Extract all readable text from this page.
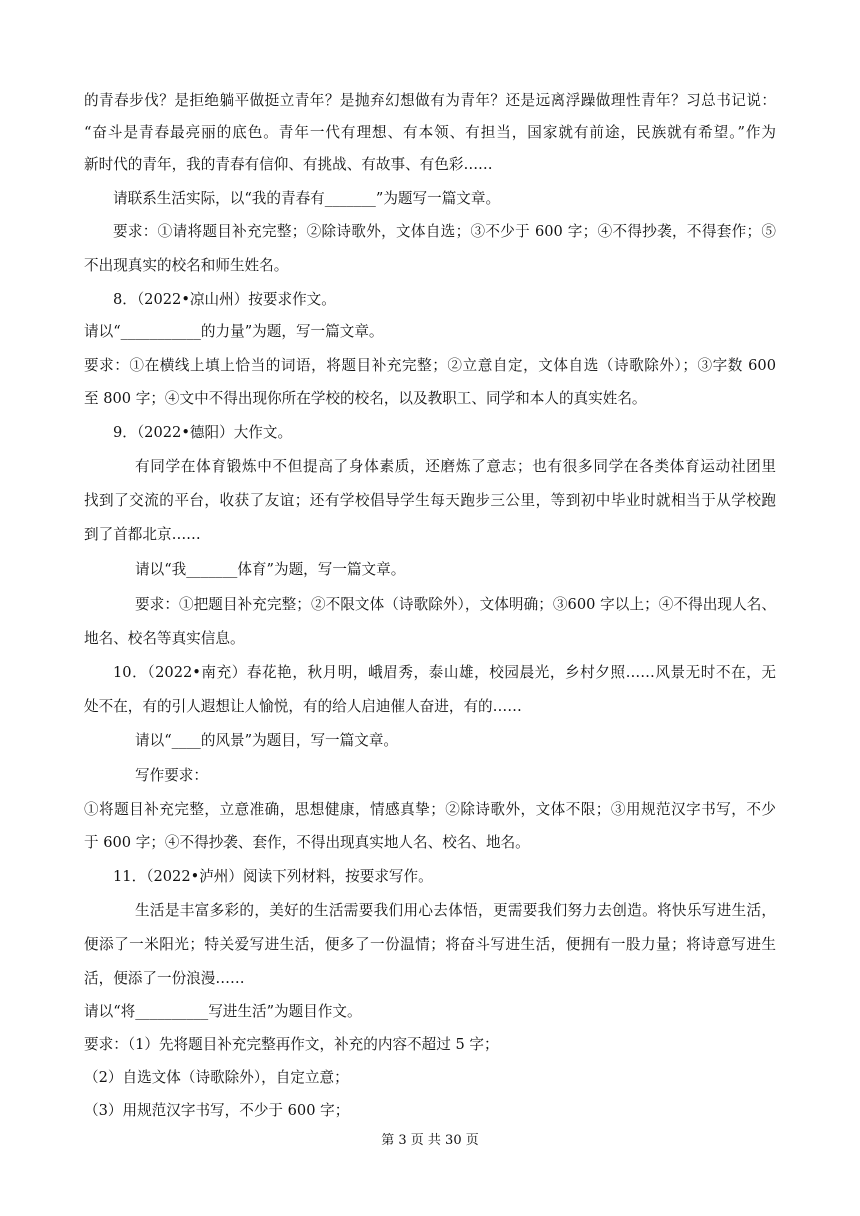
的青春步伐？是拒绝躺平做挺立青年？是抛弃幻想做有为青年？还是远离浮躁做理性青年？习总书记说：
“奋斗是青春最亮丽的底色。青年一代有理想、有本领、有担当，国家就有前途，民族就有希望。”作为
新时代的青年，我的青春有信仰、有挑战、有故事、有色彩……
请联系生活实际，以“我的青春有_______”为题写一篇文章。
要求：①请将题目补充完整；②除诗歌外，文体自选；③不少于 600 字；④不得抄袭，不得套作；⑤
不出现真实的校名和师生姓名。
8．（2022•凉山州）按要求作文。
请以“___________的力量”为题，写一篇文章。
要求：①在横线上填上恰当的词语，将题目补充完整；②立意自定，文体自选（诗歌除外）；③字数 600
至 800 字；④文中不得出现你所在学校的校名，以及教职工、同学和本人的真实姓名。
9．（2022•德阳）大作文。
有同学在体育锻炼中不但提高了身体素质，还磨炼了意志；也有很多同学在各类体育运动社团里
找到了交流的平台，收获了友谊；还有学校倡导学生每天跑步三公里，等到初中毕业时就相当于从学校跑
到了首都北京……
请以“我_______体育”为题，写一篇文章。
要求：①把题目补充完整；②不限文体（诗歌除外），文体明确；③600 字以上；④不得出现人名、
地名、校名等真实信息。
10．（2022•南充）春花艳，秋月明，峨眉秀，泰山雄，校园晨光，乡村夕照……风景无时不在，无
处不在，有的引人遐想让人愉悦，有的给人启迪催人奋进，有的……
请以“____的风景”为题目，写一篇文章。
写作要求：
①将题目补充完整，立意准确，思想健康，情感真挚；②除诗歌外，文体不限；③用规范汉字书写，不少
于 600 字；④不得抄袭、套作，不得出现真实地人名、校名、地名。
11．（2022•泸州）阅读下列材料，按要求写作。
生活是丰富多彩的，美好的生活需要我们用心去体悟，更需要我们努力去创造。将快乐写进生活，
便添了一米阳光；特关爱写进生活，便多了一份温情；将奋斗写进生活，便拥有一股力量；将诗意写进生
活，便添了一份浪漫……
请以“将__________写进生活”为题目作文。
要求：（1）先将题目补充完整再作文，补充的内容不超过 5 字；
（2）自选文体（诗歌除外），自定立意；
（3）用规范汉字书写，不少于 600 字；
第 3 页 共 30 页
